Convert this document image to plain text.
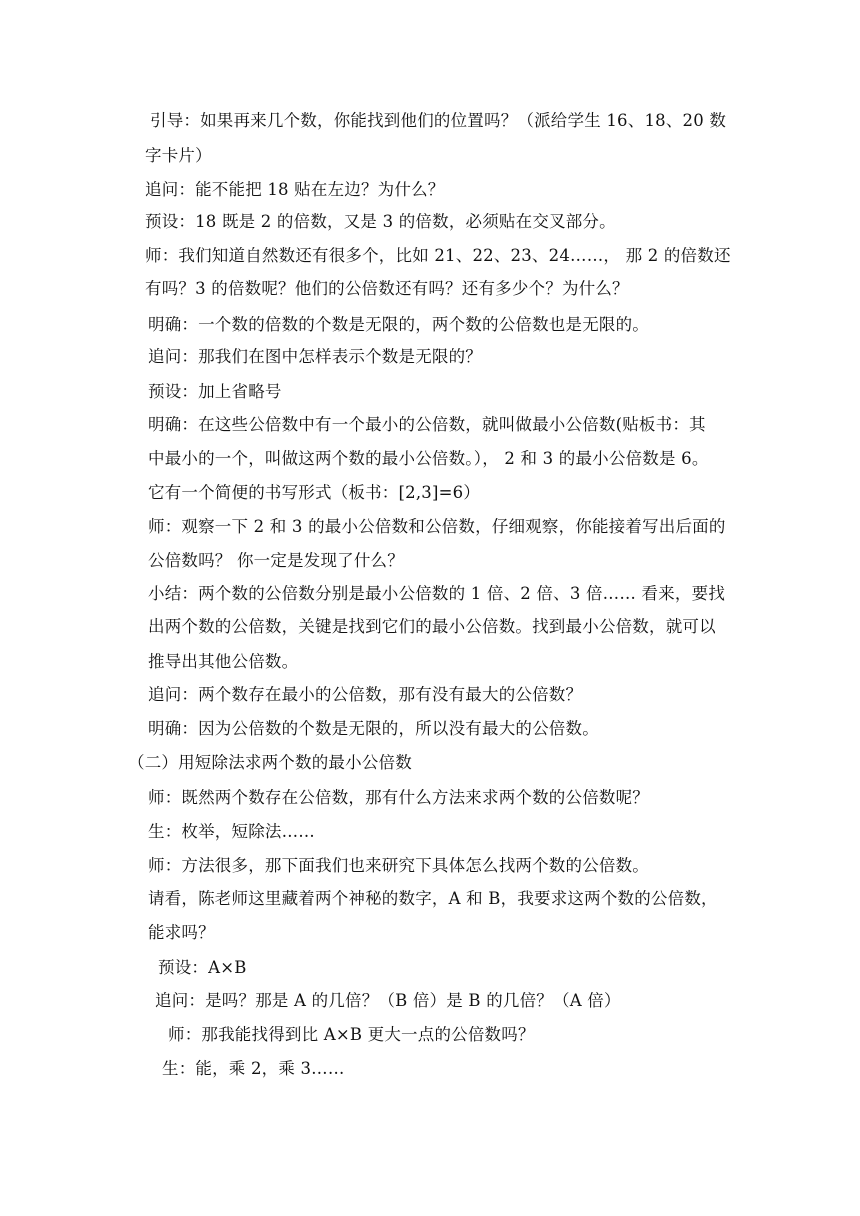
引导：如果再来几个数，你能找到他们的位置吗？（派给学生 16、18、20 数
字卡片）
追问：能不能把 18 贴在左边？为什么？
预设：18 既是 2 的倍数，又是 3 的倍数，必须贴在交叉部分。
师：我们知道自然数还有很多个，比如 21、22、23、24……， 那 2 的倍数还
有吗？3 的倍数呢？他们的公倍数还有吗？还有多少个？为什么？
明确：一个数的倍数的个数是无限的，两个数的公倍数也是无限的。
追问：那我们在图中怎样表示个数是无限的？
预设：加上省略号
明确：在这些公倍数中有一个最小的公倍数，就叫做最小公倍数(贴板书：其
中最小的一个，叫做这两个数的最小公倍数。）， 2 和 3 的最小公倍数是 6。
它有一个简便的书写形式（板书：[2,3]=6）
师：观察一下 2 和 3 的最小公倍数和公倍数，仔细观察，你能接着写出后面的
公倍数吗？ 你一定是发现了什么？
小结：两个数的公倍数分别是最小公倍数的 1 倍、2 倍、3 倍…… 看来，要找
出两个数的公倍数，关键是找到它们的最小公倍数。找到最小公倍数，就可以
推导出其他公倍数。
追问：两个数存在最小的公倍数，那有没有最大的公倍数？
明确：因为公倍数的个数是无限的，所以没有最大的公倍数。
（二）用短除法求两个数的最小公倍数
师：既然两个数存在公倍数，那有什么方法来求两个数的公倍数呢？
生：枚举，短除法……
师：方法很多，那下面我们也来研究下具体怎么找两个数的公倍数。
请看，陈老师这里藏着两个神秘的数字，A 和 B，我要求这两个数的公倍数，
能求吗？
预设：A×B
追问：是吗？那是 A 的几倍？（B 倍）是 B 的几倍？（A 倍）
师：那我能找得到比 A×B 更大一点的公倍数吗？
生：能，乘 2，乘 3……
